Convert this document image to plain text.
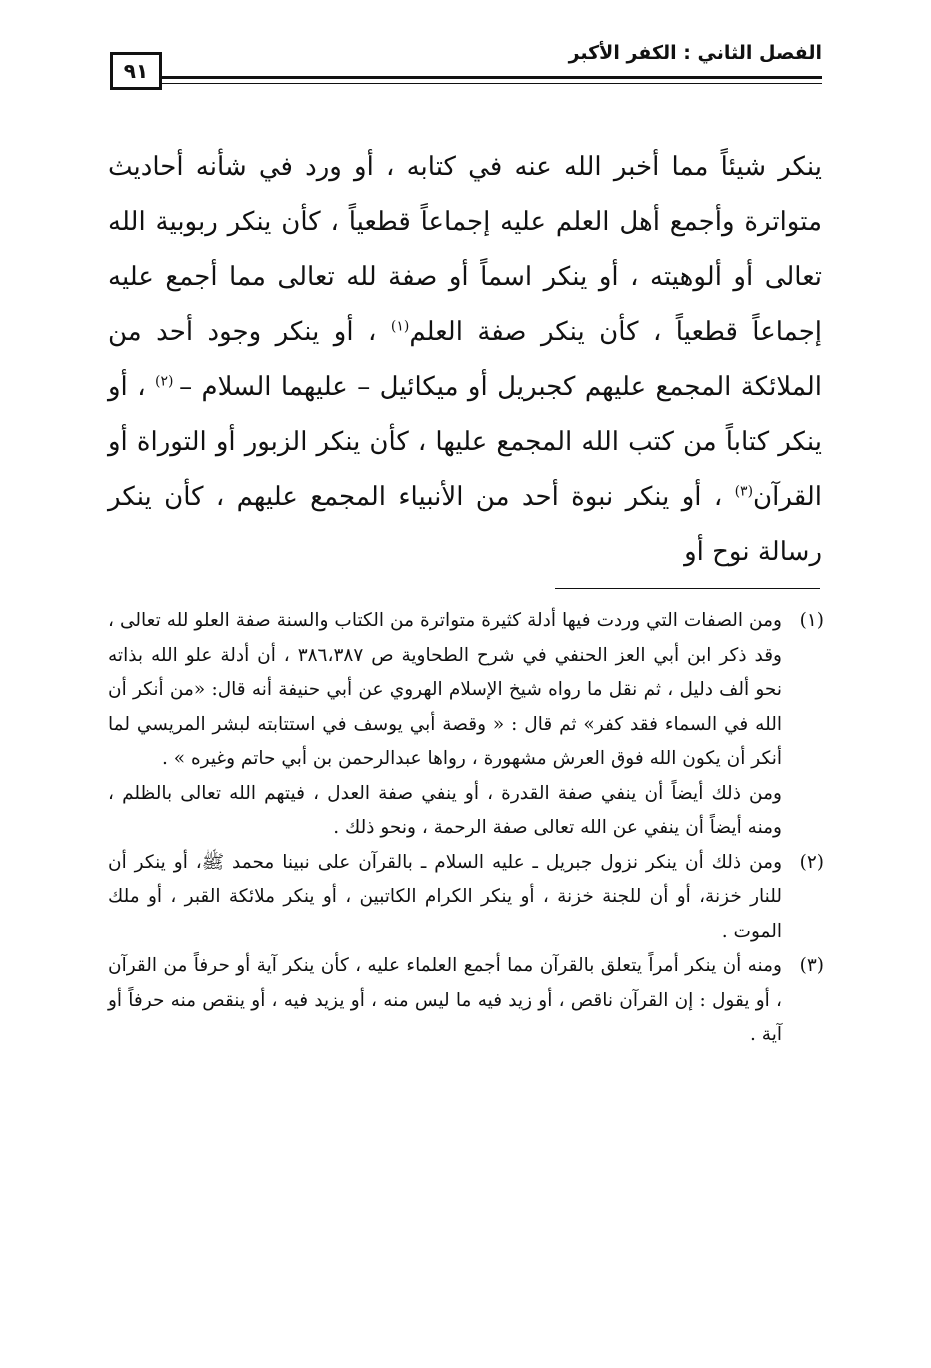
٩١
الفصل الثاني : الكفر الأكبر
ينكر شيئاً مما أخبر الله عنه في كتابه ، أو ورد في شأنه أحاديث متواترة وأجمع أهل العلم عليه إجماعاً قطعياً ، كأن ينكر ربوبية الله تعالى أو ألوهيته ، أو ينكر اسماً أو صفة لله تعالى مما أجمع عليه إجماعاً قطعياً ، كأن ينكر صفة العلم$^{(١)}$ ، أو ينكر وجود أحد من الملائكة المجمع عليهم كجبريل أو ميكائيل – عليهما السلام – $^{(٢)}$ ، أو ينكر كتاباً من كتب الله المجمع عليها ، كأن ينكر الزبور أو التوراة أو القرآن$^{(٣)}$ ، أو ينكر نبوة أحد من الأنبياء المجمع عليهم ، كأن ينكر رسالة نوح أو
(١)
ومن الصفات التي وردت فيها أدلة كثيرة متواترة من الكتاب والسنة صفة العلو لله تعالى ، وقد ذكر ابن أبي العز الحنفي في شرح الطحاوية ص ٣٨٦،٣٨٧ ، أن أدلة علو الله بذاته نحو ألف دليل ، ثم نقل ما رواه شيخ الإسلام الهروي عن أبي حنيفة أنه قال: «من أنكر أن الله في السماء فقد كفر» ثم قال : « وقصة أبي يوسف في استتابته لبشر المريسي لما أنكر أن يكون الله فوق العرش مشهورة ، رواها عبدالرحمن بن أبي حاتم وغيره » .
ومن ذلك أيضاً أن ينفي صفة القدرة ، أو ينفي صفة العدل ، فيتهم الله تعالى بالظلم ، ومنه أيضاً أن ينفي عن الله تعالى صفة الرحمة ، ونحو ذلك .
(٢)
ومن ذلك أن ينكر نزول جبريل ـ عليه السلام ـ بالقرآن على نبينا محمد ﷺ، أو ينكر أن للنار خزنة، أو أن للجنة خزنة ، أو ينكر الكرام الكاتبين ، أو ينكر ملائكة القبر ، أو ملك الموت .
(٣)
ومنه أن ينكر أمراً يتعلق بالقرآن مما أجمع العلماء عليه ، كأن ينكر آية أو حرفاً من القرآن ، أو يقول : إن القرآن ناقص ، أو زيد فيه ما ليس منه ، أو يزيد فيه ، أو ينقص منه حرفاً أو آية .
